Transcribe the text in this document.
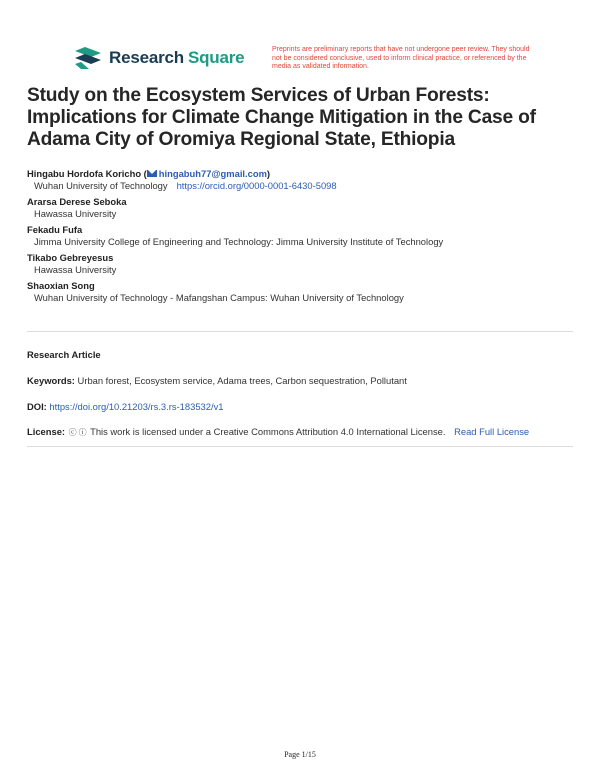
Research Square	Preprints are preliminary reports that have not undergone peer review. They should not be considered conclusive, used to inform clinical practice, or referenced by the media as validated information.
Study on the Ecosystem Services of Urban Forests: Implications for Climate Change Mitigation in the Case of Adama City of Oromiya Regional State, Ethiopia
Hingabu Hordofa Koricho ( hingabuh77@gmail.com)
Wuhan University of Technology https://orcid.org/0000-0001-6430-5098
Ararsa Derese Seboka
Hawassa University
Fekadu Fufa
Jimma University College of Engineering and Technology: Jimma University Institute of Technology
Tikabo Gebreyesus
Hawassa University
Shaoxian Song
Wuhan University of Technology - Mafangshan Campus: Wuhan University of Technology
Research Article
Keywords: Urban forest, Ecosystem service, Adama trees, Carbon sequestration, Pollutant
DOI: https://doi.org/10.21203/rs.3.rs-183532/v1
License: ⓒ ⓘ This work is licensed under a Creative Commons Attribution 4.0 International License. Read Full License
Page 1/15
